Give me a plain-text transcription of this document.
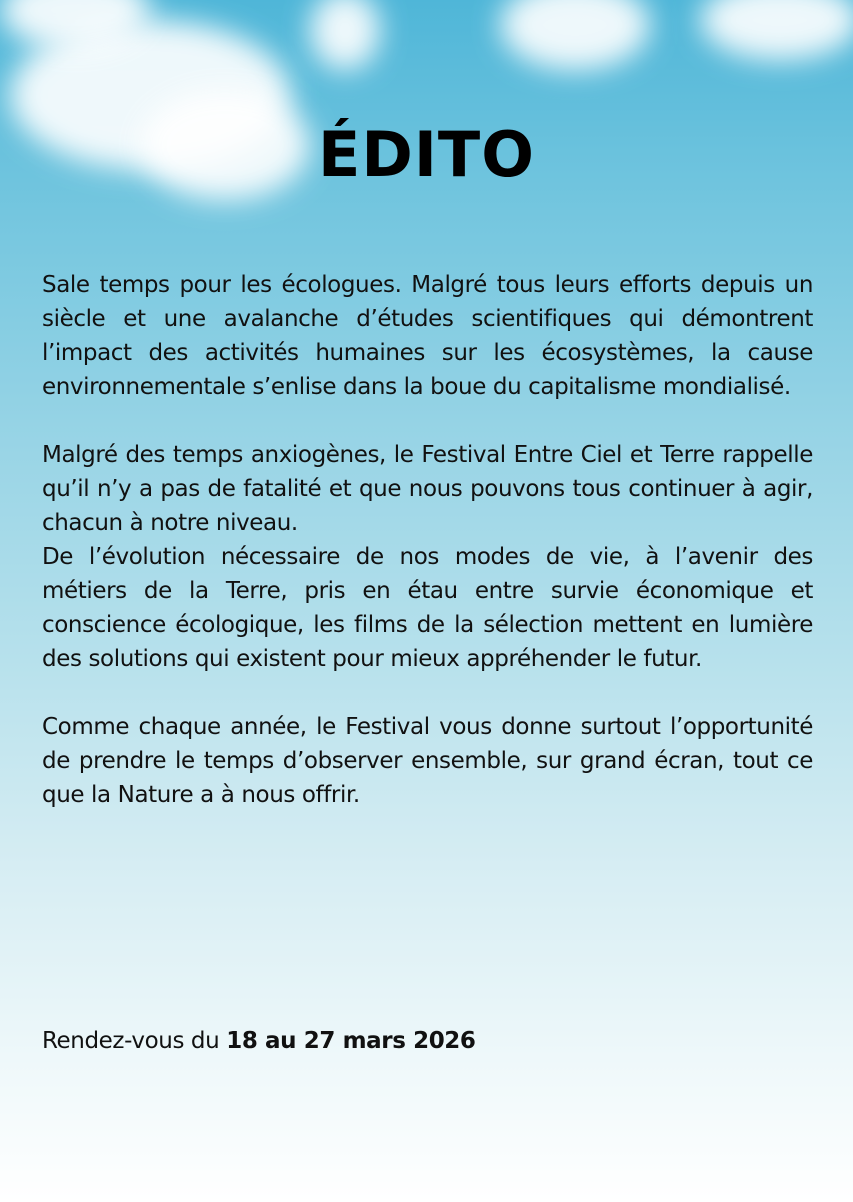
ÉDITO

Sale temps pour les écologues. Malgré tous leurs efforts depuis un siècle et une avalanche d’études scientifiques qui démontrent l’impact des activités humaines sur les écosystèmes, la cause environnementale s’enlise dans la boue du capitalisme mondialisé.

Malgré des temps anxiogènes, le Festival Entre Ciel et Terre rappelle qu’il n’y a pas de fatalité et que nous pouvons tous continuer à agir, chacun à notre niveau.

De l’évolution nécessaire de nos modes de vie, à l’avenir des métiers de la Terre, pris en étau entre survie économique et conscience écologique, les films de la sélection mettent en lumière des solutions qui existent pour mieux appréhender le futur.

Comme chaque année, le Festival vous donne surtout l’opportunité de prendre le temps d’observer ensemble, sur grand écran, tout ce que la Nature a à nous offrir.

Rendez-vous du 18 au 27 mars 2026
